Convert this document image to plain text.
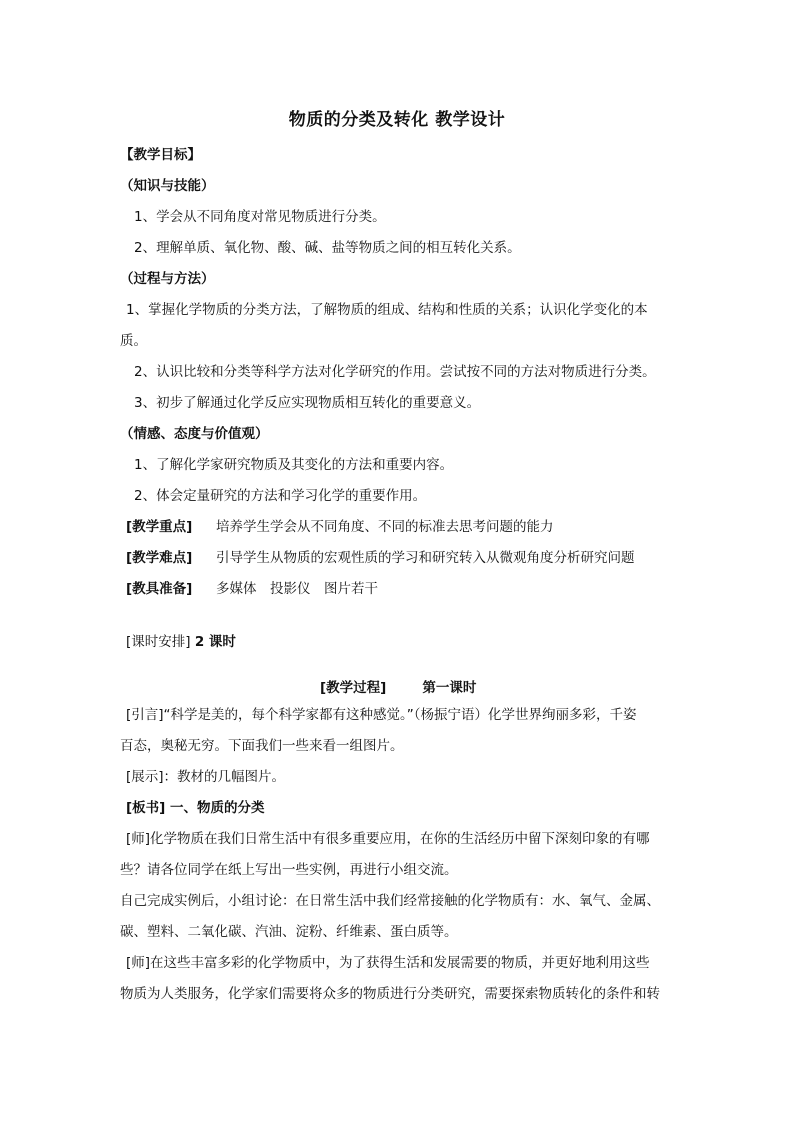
物质的分类及转化 教学设计
【教学目标】
（知识与技能）
1、学会从不同角度对常见物质进行分类。
2、理解单质、氧化物、酸、碱、盐等物质之间的相互转化关系。
（过程与方法）
1、掌握化学物质的分类方法，了解物质的组成、结构和性质的关系；认识化学变化的本
质。
2、认识比较和分类等科学方法对化学研究的作用。尝试按不同的方法对物质进行分类。
3、初步了解通过化学反应实现物质相互转化的重要意义。
（情感、态度与价值观）
1、了解化学家研究物质及其变化的方法和重要内容。
2、体会定量研究的方法和学习化学的重要作用。
[教学重点] 培养学生学会从不同角度、不同的标准去思考问题的能力
[教学难点] 引导学生从物质的宏观性质的学习和研究转入从微观角度分析研究问题
[教具准备] 多媒体　投影仪　图片若干
[课时安排] 2 课时
[教学过程]	第一课时
[引言]“科学是美的，每个科学家都有这种感觉。”（杨振宁语）化学世界绚丽多彩，千姿
百态，奥秘无穷。下面我们一些来看一组图片。
[展示]：教材的几幅图片。
[板书] 一、物质的分类
[师]化学物质在我们日常生活中有很多重要应用，在你的生活经历中留下深刻印象的有哪
些？请各位同学在纸上写出一些实例，再进行小组交流。
自己完成实例后，小组讨论：在日常生活中我们经常接触的化学物质有：水、氧气、金属、
碳、塑料、二氧化碳、汽油、淀粉、纤维素、蛋白质等。
[师]在这些丰富多彩的化学物质中，为了获得生活和发展需要的物质，并更好地利用这些
物质为人类服务，化学家们需要将众多的物质进行分类研究，需要探索物质转化的条件和转
